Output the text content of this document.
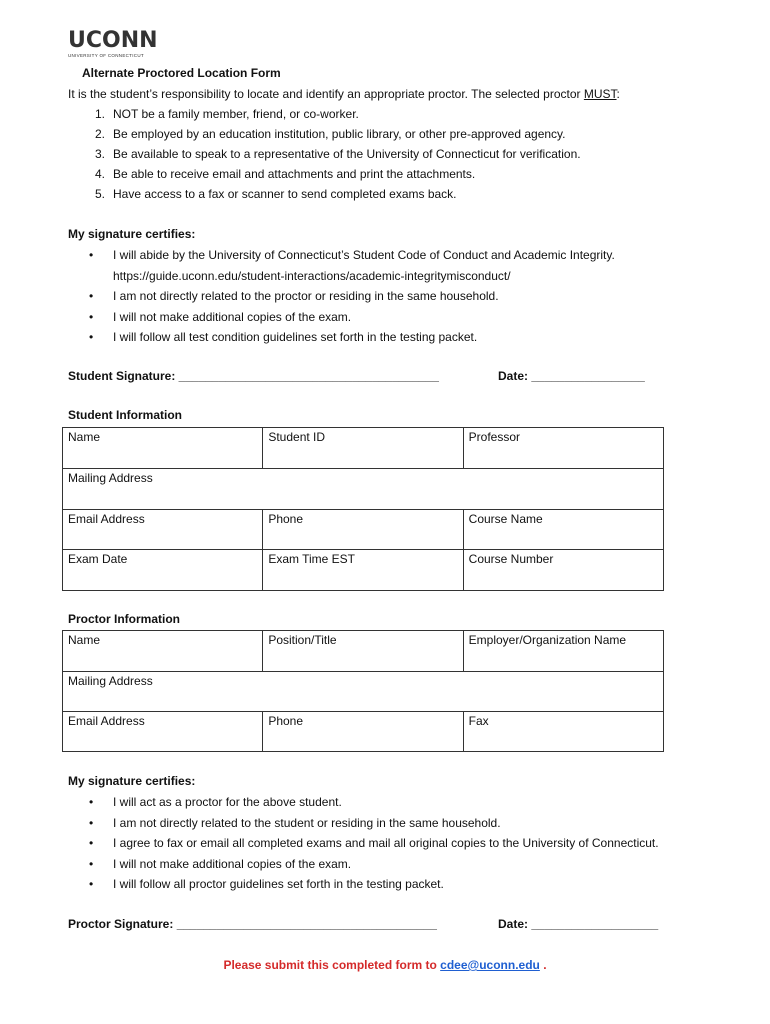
UCONN
UNIVERSITY OF CONNECTICUT
Alternate Proctored Location Form
It is the student’s responsibility to locate and identify an appropriate proctor. The selected proctor MUST:
1. NOT be a family member, friend, or co-worker.
2. Be employed by an education institution, public library, or other pre-approved agency.
3. Be available to speak to a representative of the University of Connecticut for verification.
4. Be able to receive email and attachments and print the attachments.
5. Have access to a fax or scanner to send completed exams back.
My signature certifies:
• I will abide by the University of Connecticut’s Student Code of Conduct and Academic Integrity.
https://guide.uconn.edu/student-interactions/academic-integritymisconduct/
• I am not directly related to the proctor or residing in the same household.
• I will not make additional copies of the exam.
• I will follow all test condition guidelines set forth in the testing packet.
Student Signature: _______________________________________	Date: _________________
Student Information
Name	Student ID	Professor
Mailing Address		
Email Address	Phone	Course Name
Exam Date	Exam Time EST	Course Number
Proctor Information
Name	Position/Title	Employer/Organization Name
Mailing Address		
Email Address	Phone	Fax
My signature certifies:
• I will act as a proctor for the above student.
• I am not directly related to the student or residing in the same household.
• I agree to fax or email all completed exams and mail all original copies to the University of Connecticut.
• I will not make additional copies of the exam.
• I will follow all proctor guidelines set forth in the testing packet.
Proctor Signature: _______________________________________	Date: ___________________
Please submit this completed form to cdee@uconn.edu .
